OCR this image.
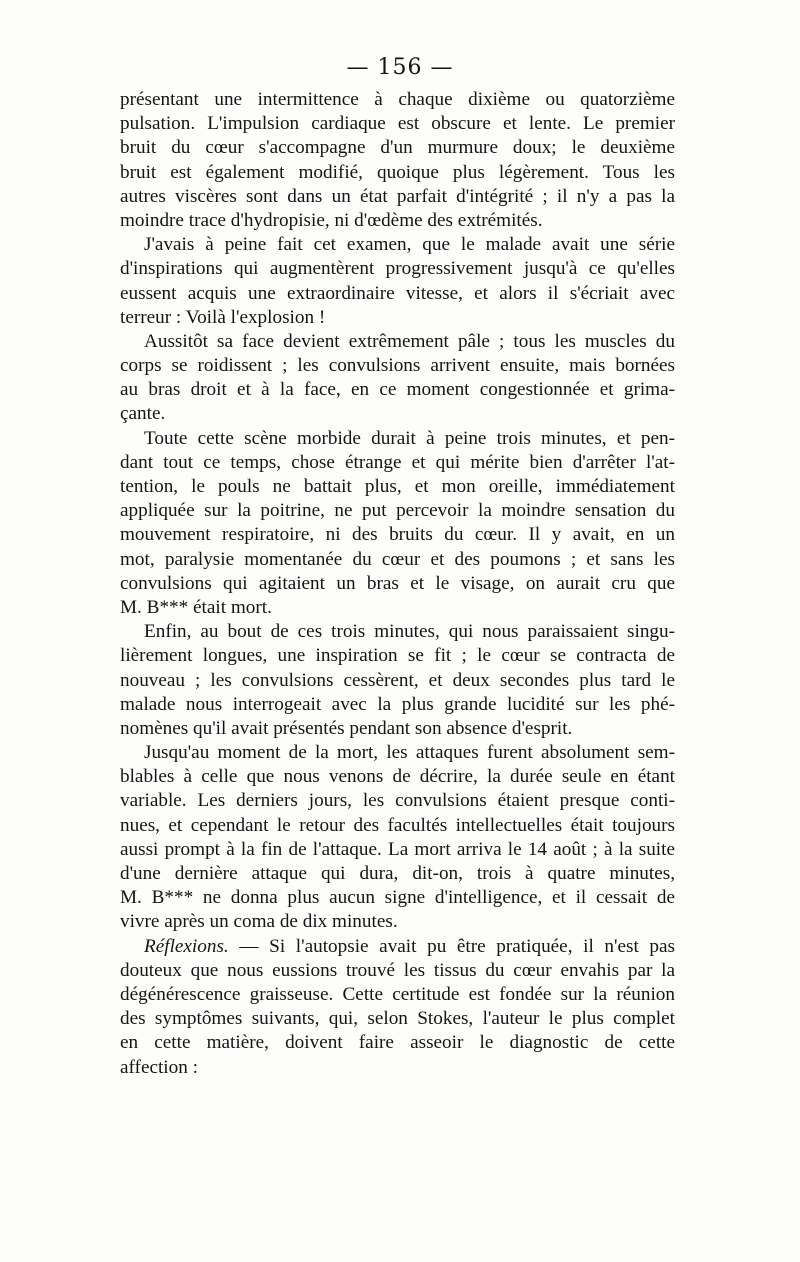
— 156 —
présentant une intermittence à chaque dixième ou quatorzième
pulsation. L'impulsion cardiaque est obscure et lente. Le premier
bruit du cœur s'accompagne d'un murmure doux; le deuxième
bruit est également modifié, quoique plus légèrement. Tous les
autres viscères sont dans un état parfait d'intégrité ; il n'y a pas la
moindre trace d'hydropisie, ni d'œdème des extrémités.
J'avais à peine fait cet examen, que le malade avait une série
d'inspirations qui augmentèrent progressivement jusqu'à ce qu'elles
eussent acquis une extraordinaire vitesse, et alors il s'écriait avec
terreur : Voilà l'explosion !
Aussitôt sa face devient extrêmement pâle ; tous les muscles du
corps se roidissent ; les convulsions arrivent ensuite, mais bornées
au bras droit et à la face, en ce moment congestionnée et grima-
çante.
Toute cette scène morbide durait à peine trois minutes, et pen-
dant tout ce temps, chose étrange et qui mérite bien d'arrêter l'at-
tention, le pouls ne battait plus, et mon oreille, immédiatement
appliquée sur la poitrine, ne put percevoir la moindre sensation du
mouvement respiratoire, ni des bruits du cœur. Il y avait, en un
mot, paralysie momentanée du cœur et des poumons ; et sans les
convulsions qui agitaient un bras et le visage, on aurait cru que
M. B*** était mort.
Enfin, au bout de ces trois minutes, qui nous paraissaient singu-
lièrement longues, une inspiration se fit ; le cœur se contracta de
nouveau ; les convulsions cessèrent, et deux secondes plus tard le
malade nous interrogeait avec la plus grande lucidité sur les phé-
nomènes qu'il avait présentés pendant son absence d'esprit.
Jusqu'au moment de la mort, les attaques furent absolument sem-
blables à celle que nous venons de décrire, la durée seule en étant
variable. Les derniers jours, les convulsions étaient presque conti-
nues, et cependant le retour des facultés intellectuelles était toujours
aussi prompt à la fin de l'attaque. La mort arriva le 14 août ; à la suite
d'une dernière attaque qui dura, dit-on, trois à quatre minutes,
M. B*** ne donna plus aucun signe d'intelligence, et il cessait de
vivre après un coma de dix minutes.
Réflexions. — Si l'autopsie avait pu être pratiquée, il n'est pas
douteux que nous eussions trouvé les tissus du cœur envahis par la
dégénérescence graisseuse. Cette certitude est fondée sur la réunion
des symptômes suivants, qui, selon Stokes, l'auteur le plus complet
en cette matière, doivent faire asseoir le diagnostic de cette
affection :
